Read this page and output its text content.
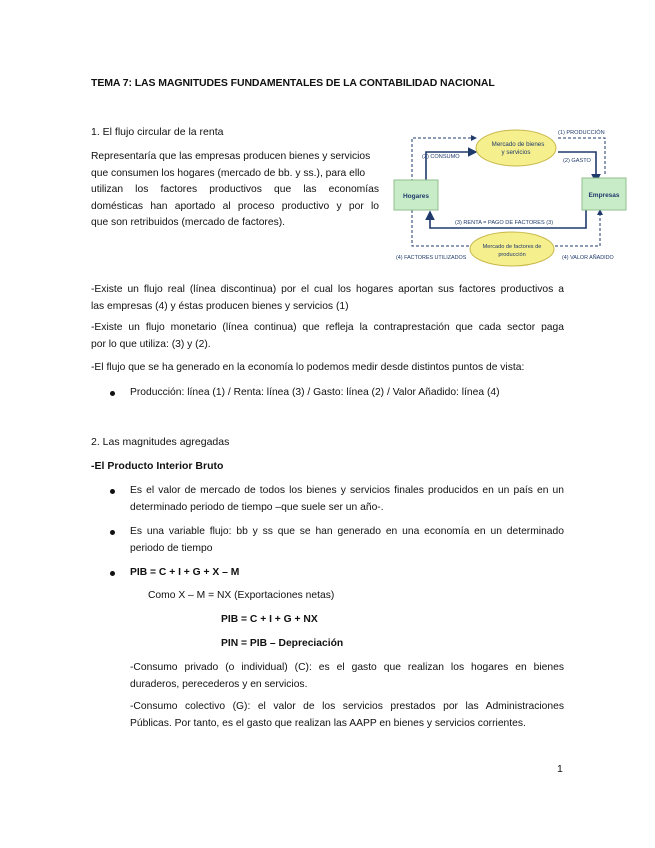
TEMA 7: LAS MAGNITUDES FUNDAMENTALES DE LA CONTABILIDAD NACIONAL
1. El flujo circular de la renta
Representaría que las empresas producen bienes y servicios
que consumen los hogares (mercado de bb. y ss.), para ello
utilizan los factores productivos que las economías
domésticas han aportado al proceso productivo y por lo
que son retribuidos (mercado de factores).
Hogares	Empresas
Mercado de bienes
y servicios
Mercado de factores de
producción
(1) PRODUCCIÓN
(2) GASTO
(2) CONSUMO
(3) RENTA = PAGO DE FACTORES (3)
(4) FACTORES UTILIZADOS	(4) VALOR AÑADIDO
-Existe un flujo real (línea discontinua) por el cual los hogares aportan sus factores productivos a
las empresas (4) y éstas producen bienes y servicios (1)
-Existe un flujo monetario (línea continua) que refleja la contraprestación que cada sector paga
por lo que utiliza: (3) y (2).
-El flujo que se ha generado en la economía lo podemos medir desde distintos puntos de vista:
Producción: línea (1) / Renta: línea (3) / Gasto: línea (2) / Valor Añadido: línea (4)
2. Las magnitudes agregadas
-El Producto Interior Bruto
Es el valor de mercado de todos los bienes y servicios finales producidos en un país en un
determinado periodo de tiempo –que suele ser un año-.
Es una variable flujo: bb y ss que se han generado en una economía en un determinado
periodo de tiempo
PIB = C + I + G + X – M
Como X – M = NX (Exportaciones netas)
PIB = C + I + G + NX
PIN = PIB – Depreciación
-Consumo privado (o individual) (C): es el gasto que realizan los hogares en bienes
duraderos, perecederos y en servicios.
-Consumo colectivo (G): el valor de los servicios prestados por las Administraciones
Públicas. Por tanto, es el gasto que realizan las AAPP en bienes y servicios corrientes.
1
